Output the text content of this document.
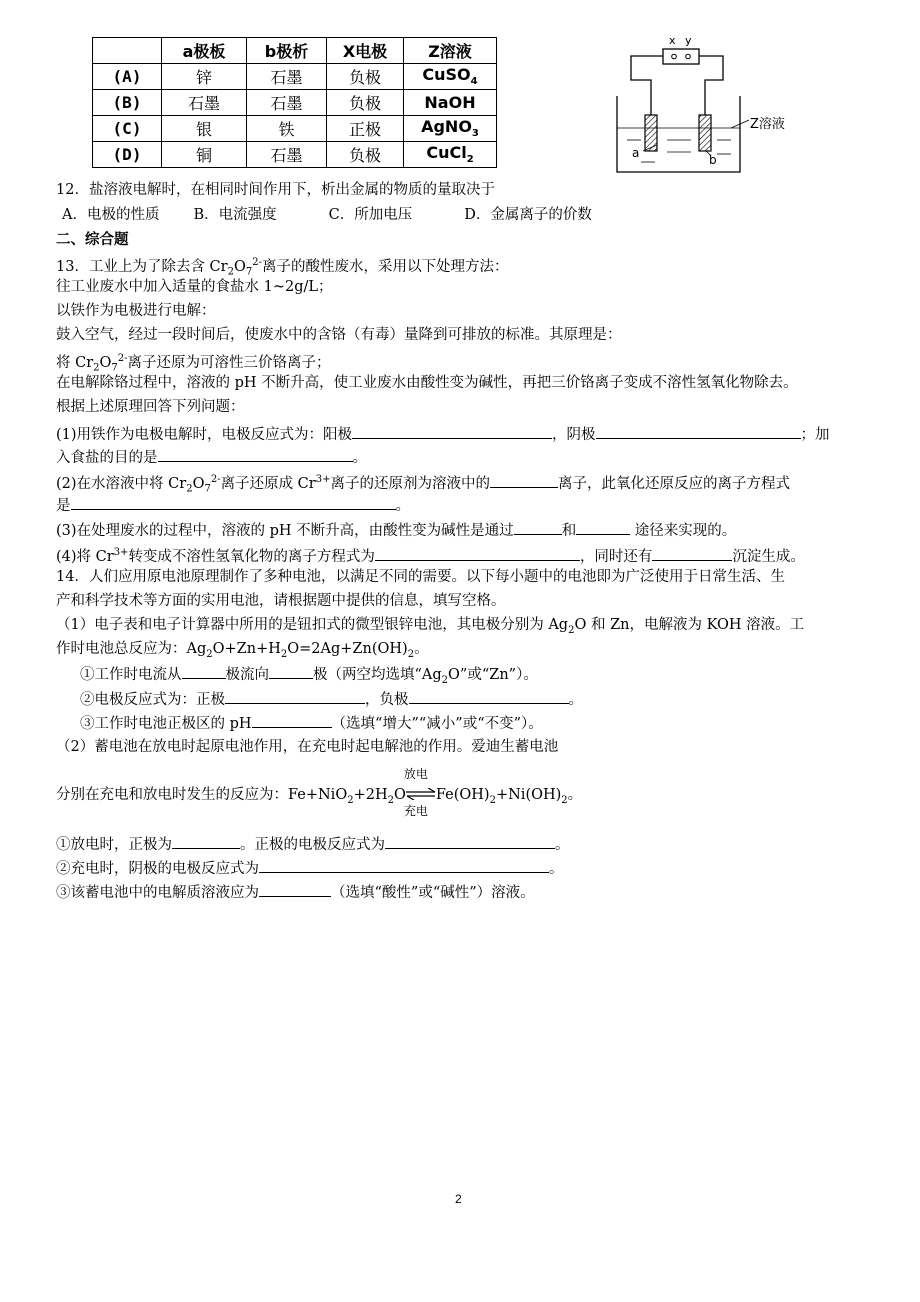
	a极板	b极析	X电极	Z溶液
(A)	锌	石墨	负极	CuSO$_4$
(B)	石墨	石墨	负极	NaOH
(C)	银	铁	正极	AgNO$_3$
(D)	铜	石墨	负极	CuCl$_2$
x y
a	b
Z溶液
12．盐溶液电解时，在相同时间作用下，析出金属的物质的量取决于
A．电极的性质 B．电流强度	C．所加电压	D．金属离子的价数
二、综合题
13．工业上为了除去含 $Cr_2O_7^{2-}$离子的酸性废水，采用以下处理方法：
往工业废水中加入适量的食盐水 1~2g/L；
以铁作为电极进行电解：
鼓入空气，经过一段时间后，使废水中的含铬（有毒）量降到可排放的标准。其原理是：
将 $Cr_2O_7^{2-}$离子还原为可溶性三价铬离子；
在电解除铬过程中，溶液的 pH 不断升高，使工业废水由酸性变为碱性，再把三价铬离子变成不溶性氢氧化物除去。
根据上述原理回答下列问题：
(1)用铁作为电极电解时，电极反应式为：阳极	，阴极	；加
入食盐的目的是	。
(2)在水溶液中将 $Cr_2O_7^{2-}$离子还原成 $Cr^{3+}$离子的还原剂为溶液中的	离子，此氧化还原反应的离子方程式
是	。
(3)在处理废水的过程中，溶液的 pH 不断升高，由酸性变为碱性是通过	和	途径来实现的。
(4)将 $Cr^{3+}$转变成不溶性氢氧化物的离子方程式为	，同时还有	沉淀生成。
14．人们应用原电池原理制作了多种电池，以满足不同的需要。以下每小题中的电池即为广泛使用于日常生活、生
产和科学技术等方面的实用电池，请根据题中提供的信息，填写空格。
（1）电子表和电子计算器中所用的是钮扣式的微型银锌电池，其电极分别为 $Ag_2O$ 和 Zn，电解液为 KOH 溶液。工
作时电池总反应为：$Ag_2O+Zn+H_2O=2Ag+Zn(OH)_2$。
①工作时电流从	极流向	极（两空均选填“$Ag_2O$”或“Zn”）。
②电极反应式为：正极	，负极	。
③工作时电池正极区的 pH	（选填“增大”“减小”或“不变”）。
（2）蓄电池在放电时起原电池作用，在充电时起电解池的作用。爱迪生蓄电池
分别在充电和放电时发生的反应为：$Fe+NiO_2+2H_2O$
放电
充电
$Fe(OH)_2+Ni(OH)_2$。
①放电时，正极为	。正极的电极反应式为	。
②充电时，阴极的电极反应式为	。
③该蓄电池中的电解质溶液应为	（选填“酸性”或“碱性”）溶液。
2
